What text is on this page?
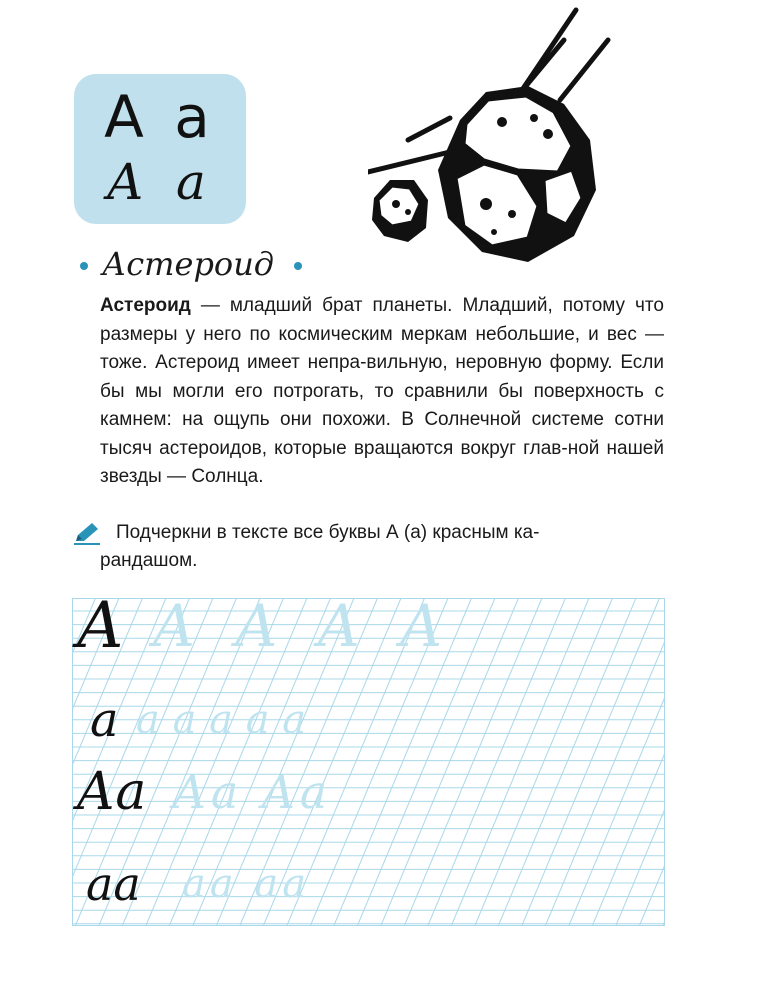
А а
А а
Астероид
Астероид — младший брат планеты. Младший, потому что размеры у него по космическим меркам небольшие, и вес — тоже. Астероид имеет непра-вильную, неровную форму. Если бы мы могли его потрогать, то сравнили бы поверхность с камнем: на ощупь они похожи. В Солнечной системе сотни тысяч астероидов, которые вращаются вокруг глав-ной нашей звезды — Солнца.
Подчеркни в тексте все буквы А (а) красным ка-
рандашом.
А А А А А
а а а а а а
Аа Аа Аа
аа аа аа
